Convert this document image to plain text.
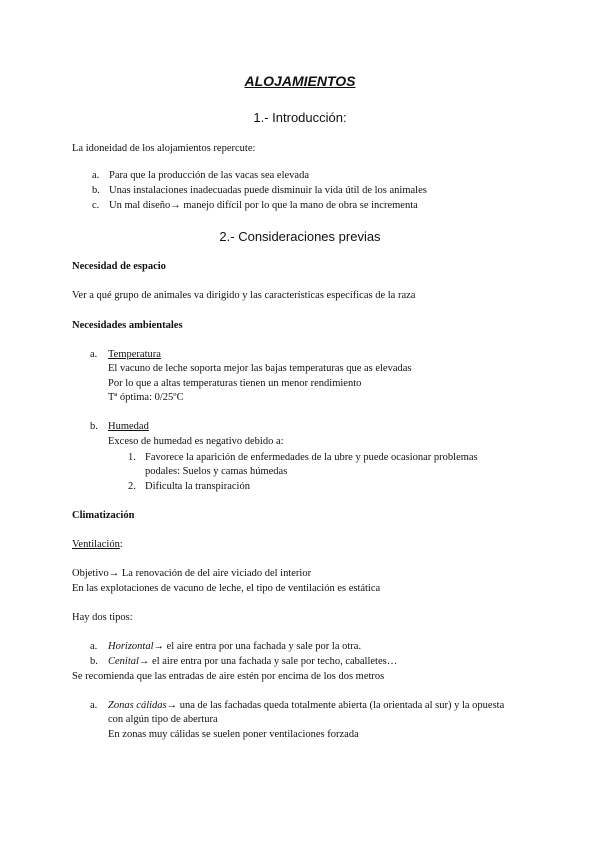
ALOJAMIENTOS
1.- Introducción:
La idoneidad de los alojamientos repercute:
a. Para que la producción de las vacas sea elevada
b. Unas instalaciones inadecuadas puede disminuir la vida útil de los animales
c. Un mal diseño→ manejo difícil por lo que la mano de obra se incrementa
2.- Consideraciones previas
Necesidad de espacio
Ver a qué grupo de animales va dirigido y las características específicas de la raza
Necesidades ambientales
a. Temperatura
El vacuno de leche soporta mejor las bajas temperaturas que as elevadas
Por lo que a altas temperaturas tienen un menor rendimiento
Tª óptima: 0/25ºC
b. Humedad
Exceso de humedad es negativo debido a:
1. Favorece la aparición de enfermedades de la ubre y puede ocasionar problemas
podales: Suelos y camas húmedas
2. Dificulta la transpiración
Climatización
Ventilación:
Objetivo→ La renovación de del aire viciado del interior
En las explotaciones de vacuno de leche, el tipo de ventilación es estática
Hay dos tipos:
a. Horizontal→ el aire entra por una fachada y sale por la otra.
b. Cenital→ el aire entra por una fachada y sale por techo, caballetes…
Se recomienda que las entradas de aire estén por encima de los dos metros
a. Zonas cálidas→ una de las fachadas queda totalmente abierta (la orientada al sur) y la opuesta
con algún tipo de abertura
En zonas muy cálidas se suelen poner ventilaciones forzada
